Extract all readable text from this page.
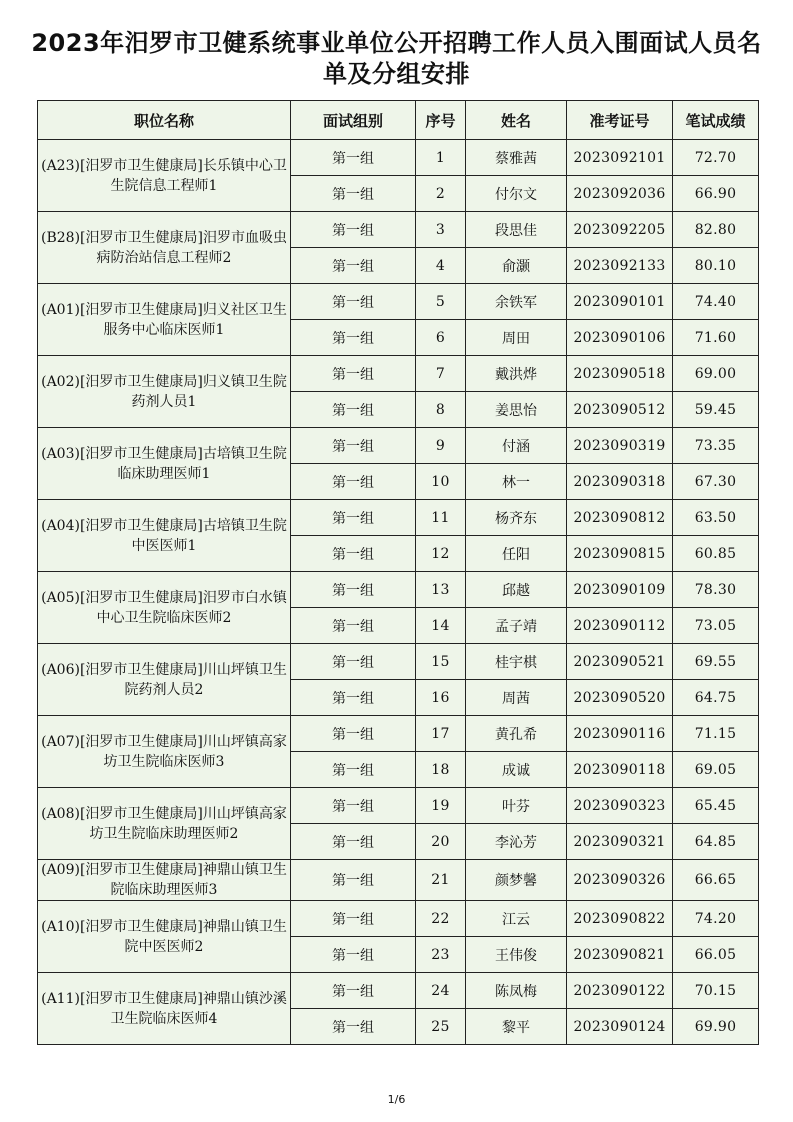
2023年汨罗市卫健系统事业单位公开招聘工作人员入围面试人员名单及分组安排
职位名称	面试组别	序号	姓名	准考证号	笔试成绩
(A23)[汨罗市卫生健康局]长乐镇中心卫生院信息工程师1	第一组	1	蔡雅茜	2023092101	72.70
	第一组	2	付尔文	2023092036	66.90
(B28)[汨罗市卫生健康局]汨罗市血吸虫病防治站信息工程师2	第一组	3	段思佳	2023092205	82.80
	第一组	4	俞灏	2023092133	80.10
(A01)[汨罗市卫生健康局]归义社区卫生服务中心临床医师1	第一组	5	余铁军	2023090101	74.40
	第一组	6	周田	2023090106	71.60
(A02)[汨罗市卫生健康局]归义镇卫生院药剂人员1	第一组	7	戴洪烨	2023090518	69.00
	第一组	8	姜思怡	2023090512	59.45
(A03)[汨罗市卫生健康局]古培镇卫生院临床助理医师1	第一组	9	付涵	2023090319	73.35
	第一组	10	林一	2023090318	67.30
(A04)[汨罗市卫生健康局]古培镇卫生院中医医师1	第一组	11	杨齐东	2023090812	63.50
	第一组	12	任阳	2023090815	60.85
(A05)[汨罗市卫生健康局]汨罗市白水镇中心卫生院临床医师2	第一组	13	邱越	2023090109	78.30
	第一组	14	孟子靖	2023090112	73.05
(A06)[汨罗市卫生健康局]川山坪镇卫生院药剂人员2	第一组	15	桂宇棋	2023090521	69.55
	第一组	16	周茜	2023090520	64.75
(A07)[汨罗市卫生健康局]川山坪镇高家坊卫生院临床医师3	第一组	17	黄孔希	2023090116	71.15
	第一组	18	成诚	2023090118	69.05
(A08)[汨罗市卫生健康局]川山坪镇高家坊卫生院临床助理医师2	第一组	19	叶芬	2023090323	65.45
	第一组	20	李沁芳	2023090321	64.85
(A09)[汨罗市卫生健康局]神鼎山镇卫生院临床助理医师3	第一组	21	颜梦馨	2023090326	66.65
(A10)[汨罗市卫生健康局]神鼎山镇卫生院中医医师2	第一组	22	江云	2023090822	74.20
	第一组	23	王伟俊	2023090821	66.05
(A11)[汨罗市卫生健康局]神鼎山镇沙溪卫生院临床医师4	第一组	24	陈凤梅	2023090122	70.15
	第一组	25	黎平	2023090124	69.90
1/6
